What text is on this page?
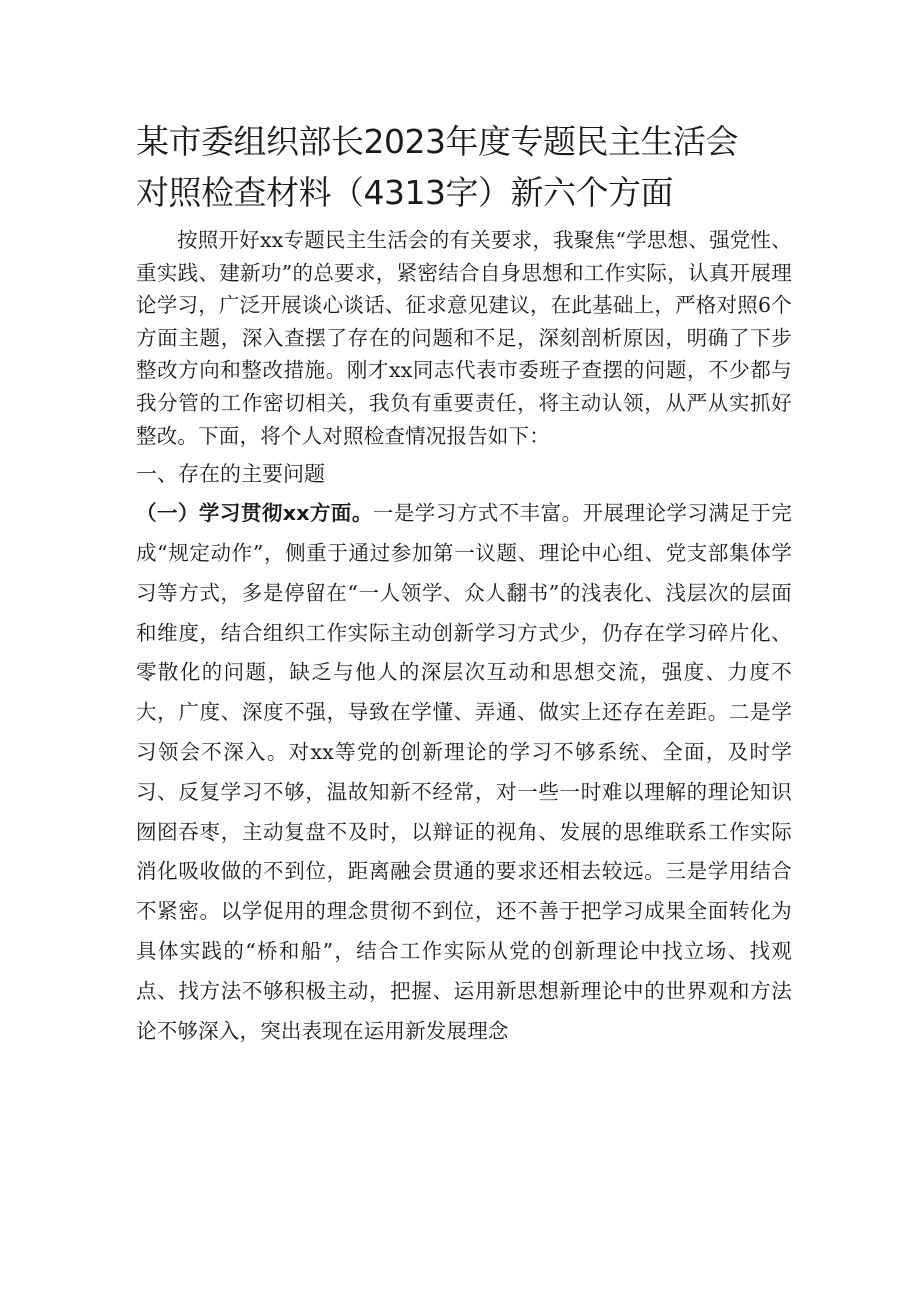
某市委组织部长2023年度专题民主生活会
对照检查材料（4313字）新六个方面

按照开好xx专题民主生活会的有关要求，我聚焦“学思想、强党性、重实践、建新功”的总要求，紧密结合自身思想和工作实际，认真开展理论学习，广泛开展谈心谈话、征求意见建议，在此基础上，严格对照6个方面主题，深入查摆了存在的问题和不足，深刻剖析原因，明确了下步整改方向和整改措施。刚才xx同志代表市委班子查摆的问题，不少都与我分管的工作密切相关，我负有重要责任，将主动认领，从严从实抓好整改。下面，将个人对照检查情况报告如下：

一、存在的主要问题

（一）学习贯彻xx方面。一是学习方式不丰富。开展理论学习满足于完成“规定动作”，侧重于通过参加第一议题、理论中心组、党支部集体学习等方式，多是停留在“一人领学、众人翻书”的浅表化、浅层次的层面和维度，结合组织工作实际主动创新学习方式少，仍存在学习碎片化、零散化的问题，缺乏与他人的深层次互动和思想交流，强度、力度不大，广度、深度不强，导致在学懂、弄通、做实上还存在差距。二是学习领会不深入。对xx等党的创新理论的学习不够系统、全面，及时学习、反复学习不够，温故知新不经常，对一些一时难以理解的理论知识囫囵吞枣，主动复盘不及时，以辩证的视角、发展的思维联系工作实际消化吸收做的不到位，距离融会贯通的要求还相去较远。三是学用结合不紧密。以学促用的理念贯彻不到位，还不善于把学习成果全面转化为具体实践的“桥和船”，结合工作实际从党的创新理论中找立场、找观点、找方法不够积极主动，把握、运用新思想新理论中的世界观和方法论不够深入，突出表现在运用新发展理念
